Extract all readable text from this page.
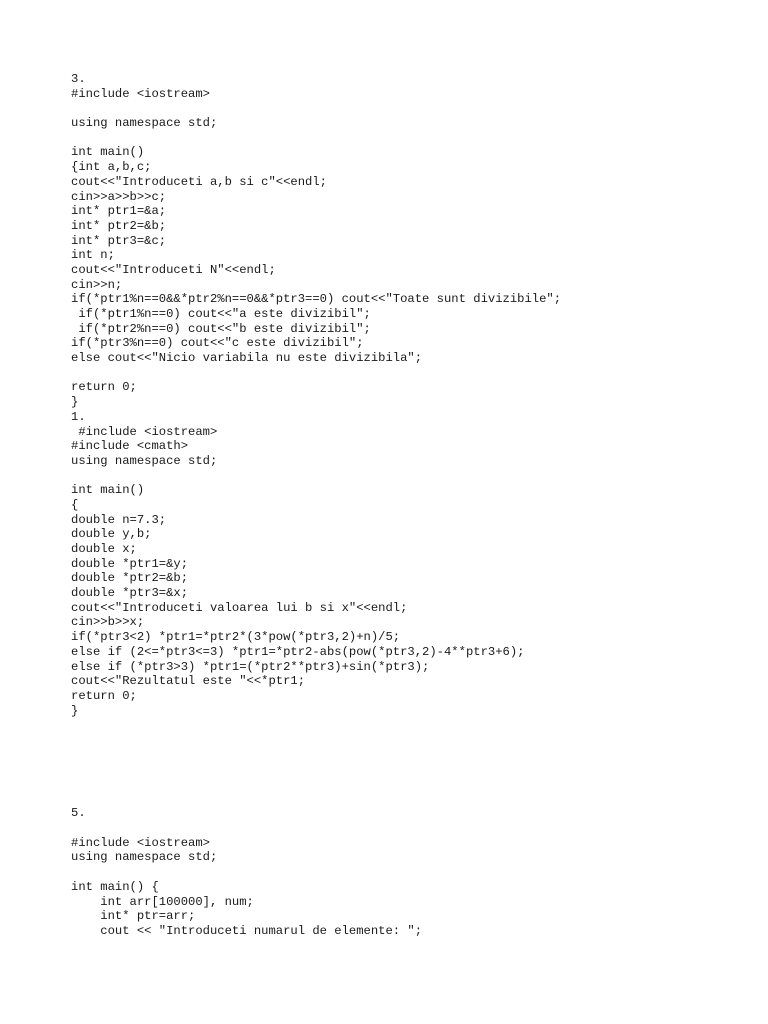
3.
#include <iostream>
using namespace std;
int main()
{int a,b,c;
cout<<"Introduceti a,b si c"<<endl;
cin>>a>>b>>c;
int* ptr1=&a;
int* ptr2=&b;
int* ptr3=&c;
int n;
cout<<"Introduceti N"<<endl;
cin>>n;
if(*ptr1%n==0&&*ptr2%n==0&&*ptr3==0) cout<<"Toate sunt divizibile";
if(*ptr1%n==0) cout<<"a este divizibil";
if(*ptr2%n==0) cout<<"b este divizibil";
if(*ptr3%n==0) cout<<"c este divizibil";
else cout<<"Nicio variabila nu este divizibila";
return 0;
}
1.
#include <iostream>
#include <cmath>
using namespace std;
int main()
{
double n=7.3;
double y,b;
double x;
double *ptr1=&y;
double *ptr2=&b;
double *ptr3=&x;
cout<<"Introduceti valoarea lui b si x"<<endl;
cin>>b>>x;
if(*ptr3<2) *ptr1=*ptr2*(3*pow(*ptr3,2)+n)/5;
else if (2<=*ptr3<=3) *ptr1=*ptr2-abs(pow(*ptr3,2)-4**ptr3+6);
else if (*ptr3>3) *ptr1=(*ptr2**ptr3)+sin(*ptr3);
cout<<"Rezultatul este "<<*ptr1;
return 0;
}
5.
#include <iostream>
using namespace std;
int main() {
int arr[100000], num;
int* ptr=arr;
cout << "Introduceti numarul de elemente: ";
